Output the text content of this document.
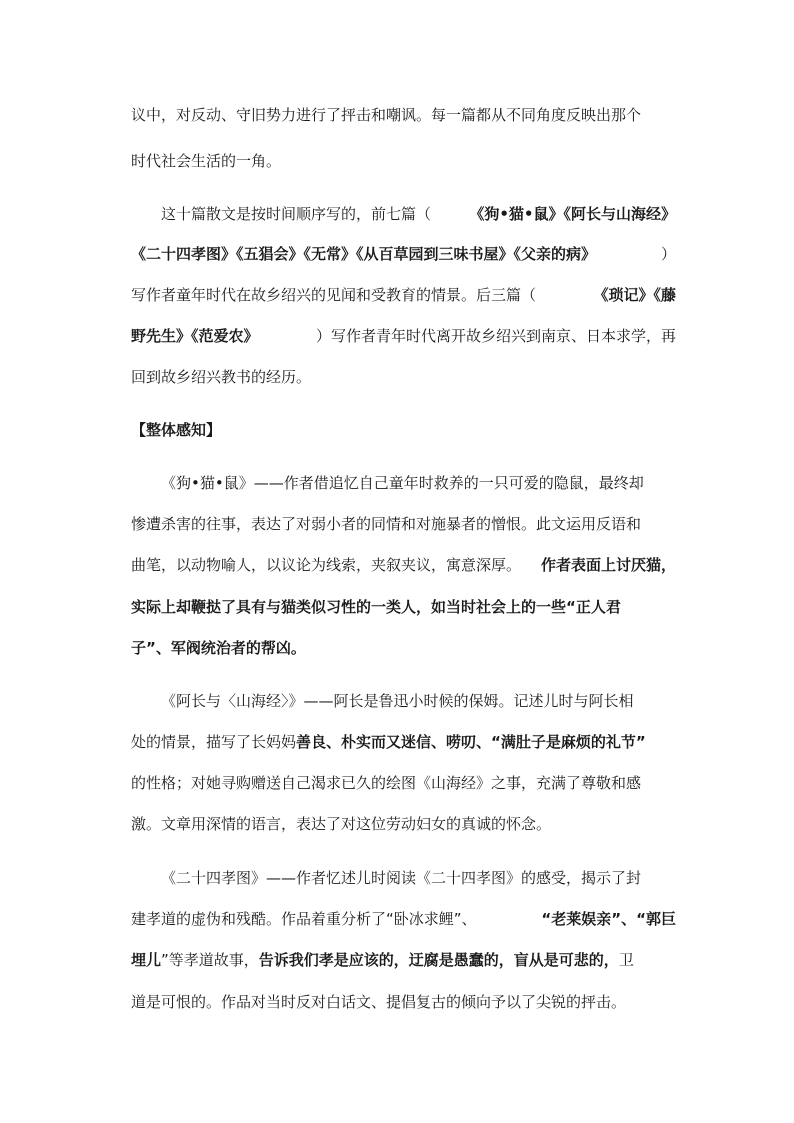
议中，对反动、守旧势力进行了抨击和嘲讽。每一篇都从不同角度反映出那个
时代社会生活的一角。
这十篇散文是按时间顺序写的，前七篇（	《狗•猫•鼠》《阿长与山海经》
《二十四孝图》《五猖会》《无常》《从百草园到三味书屋》《父亲的病》	）
写作者童年时代在故乡绍兴的见闻和受教育的情景。后三篇（	《琐记》《藤
野先生》《范爱农》	）写作者青年时代离开故乡绍兴到南京、日本求学，再
回到故乡绍兴教书的经历。
【整体感知】
《狗•猫•鼠》——作者借追忆自己童年时救养的一只可爱的隐鼠，最终却
惨遭杀害的往事，表达了对弱小者的同情和对施暴者的憎恨。此文运用反语和
曲笔，以动物喻人，以议论为线索，夹叙夹议，寓意深厚。 作者表面上讨厌猫，
实际上却鞭挞了具有与猫类似习性的一类人，如当时社会上的一些“正人君
子”、军阀统治者的帮凶。
《阿长与〈山海经〉》——阿长是鲁迅小时候的保姆。记述儿时与阿长相
处的情景，描写了长妈妈 善良、朴实而又迷信、唠叨、“满肚子是麻烦的礼节”
的性格；对她寻购赠送自己渴求已久的绘图《山海经》之事，充满了尊敬和感
激。文章用深情的语言，表达了对这位劳动妇女的真诚的怀念。
《二十四孝图》——作者忆述儿时阅读《二十四孝图》的感受，揭示了封
建孝道的虚伪和残酷。作品着重分析了“卧冰求鲤”、	“老莱娱亲”、“郭巨
埋儿 ”等孝道故事， 告诉我们孝是应该的，迂腐是愚蠢的，盲从是可悲的， 卫
道是可恨的。作品对当时反对白话文、提倡复古的倾向予以了尖锐的抨击。
